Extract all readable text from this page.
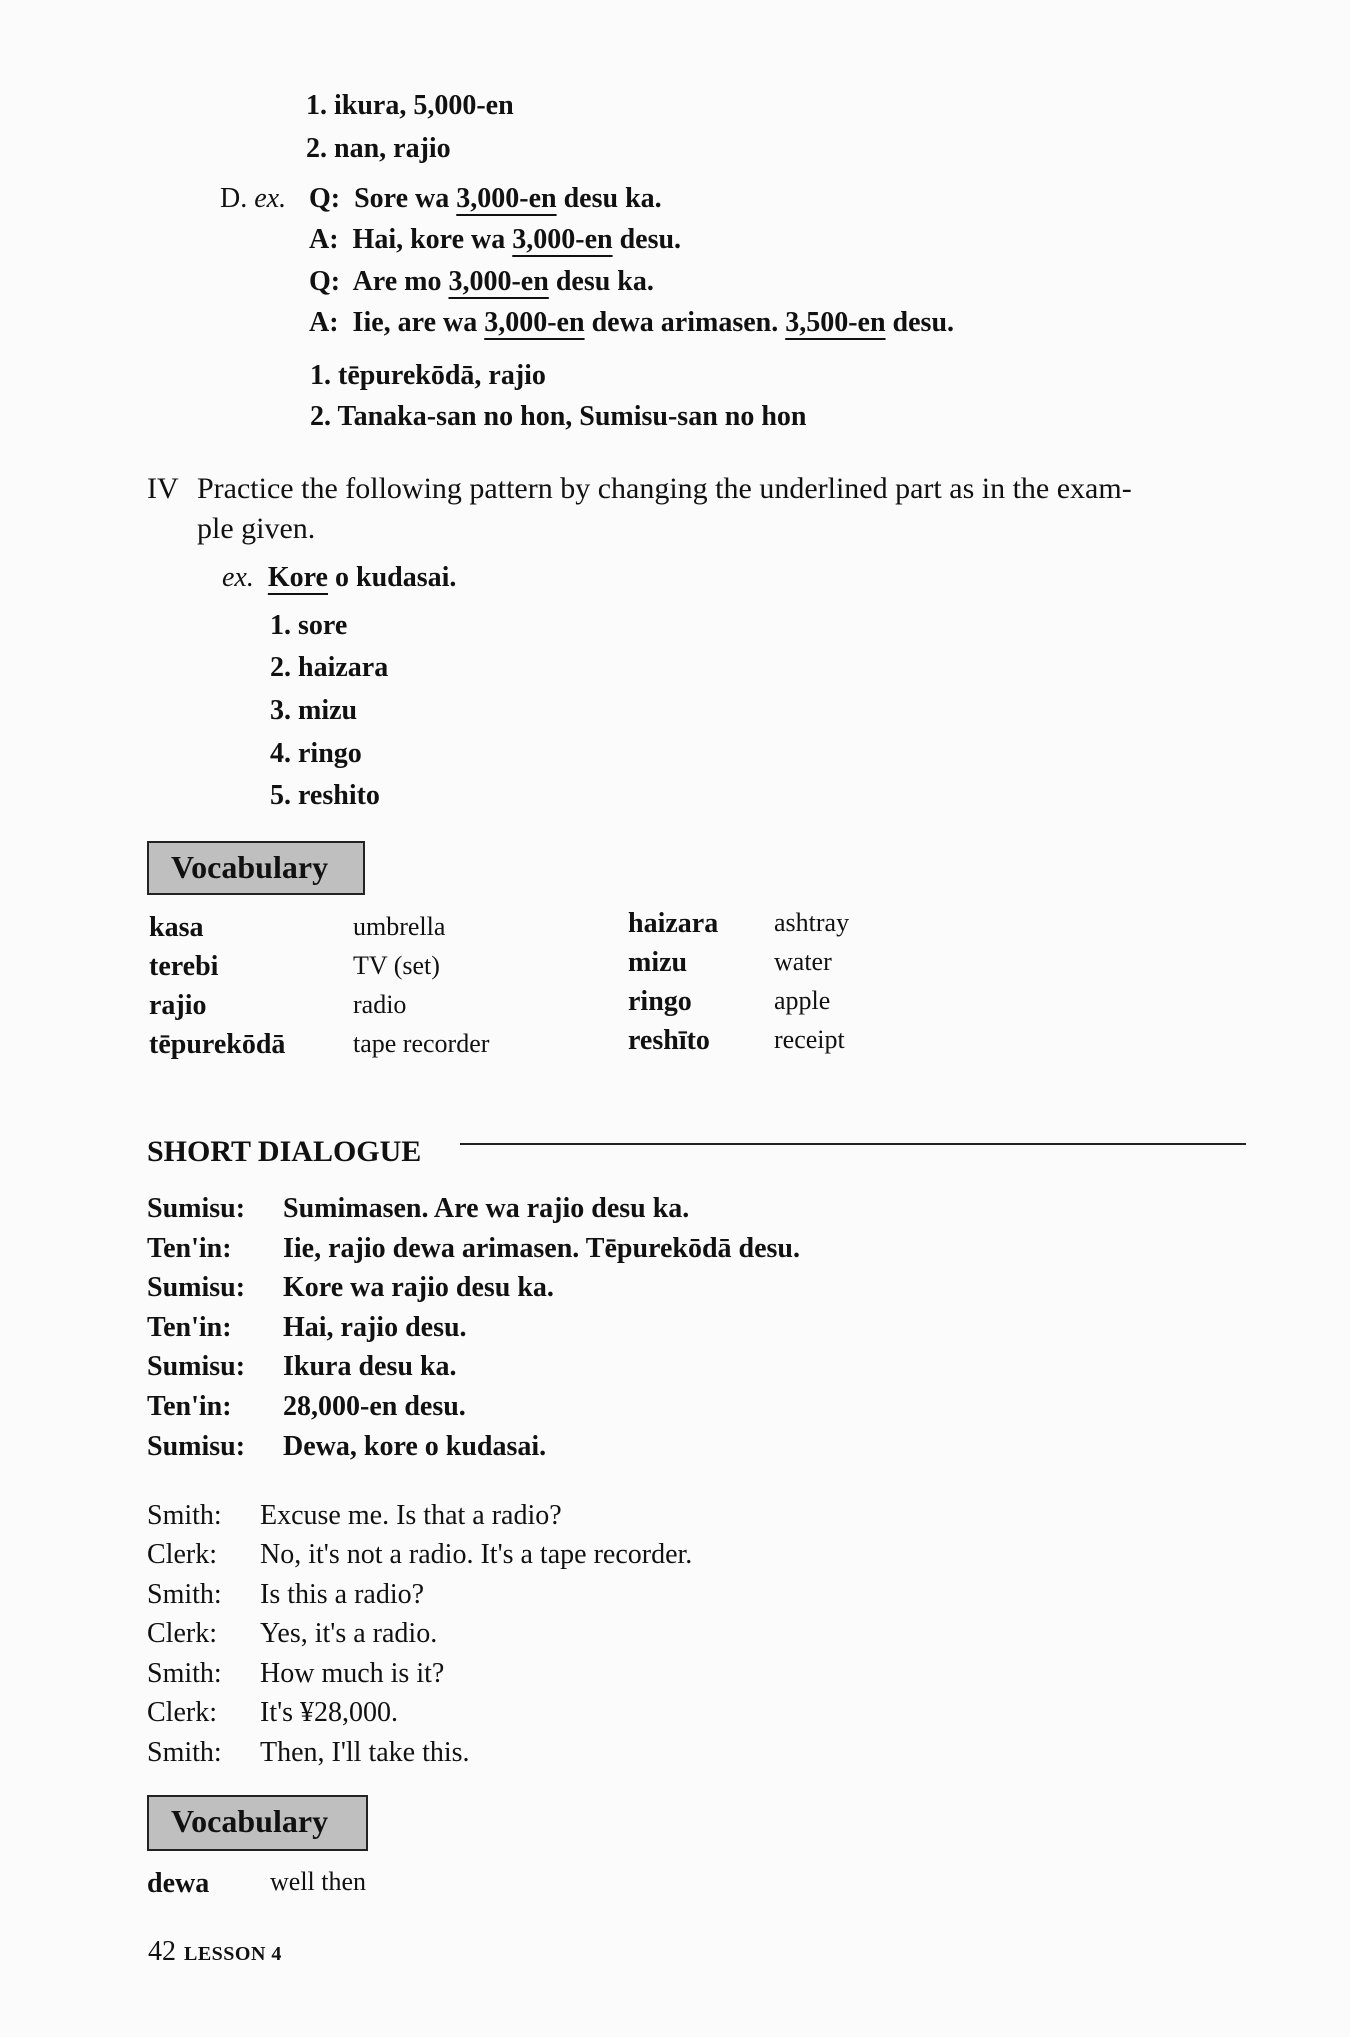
1. ikura, 5,000-en
2. nan, rajio
D. ex. Q: Sore wa 3,000-en desu ka.
A: Hai, kore wa 3,000-en desu.
Q: Are mo 3,000-en desu ka.
A: Iie, are wa 3,000-en dewa arimasen. 3,500-en desu.
1. tēpurekōdā, rajio
2. Tanaka-san no hon, Sumisu-san no hon
IV Practice the following pattern by changing the underlined part as in the exam-
ple given.
ex. Kore o kudasai.
1. sore
2. haizara
3. mizu
4. ringo
5. reshito
Vocabulary
kasa	umbrella
terebi	TV (set)
rajio	radio
tēpurekōdā	tape recorder
haizara ashtray
mizu	water
ringo	apple
reshīto receipt
SHORT DIALOGUE
Sumisu: Sumimasen. Are wa rajio desu ka.
Ten'in: Iie, rajio dewa arimasen. Tēpurekōdā desu.
Sumisu: Kore wa rajio desu ka.
Ten'in: Hai, rajio desu.
Sumisu: Ikura desu ka.
Ten'in: 28,000-en desu.
Sumisu: Dewa, kore o kudasai.
Smith: Excuse me. Is that a radio?
Clerk: No, it's not a radio. It's a tape recorder.
Smith: Is this a radio?
Clerk: Yes, it's a radio.
Smith: How much is it?
Clerk: It's ¥28,000.
Smith: Then, I'll take this.
Vocabulary
dewa well then
42 LESSON 4
